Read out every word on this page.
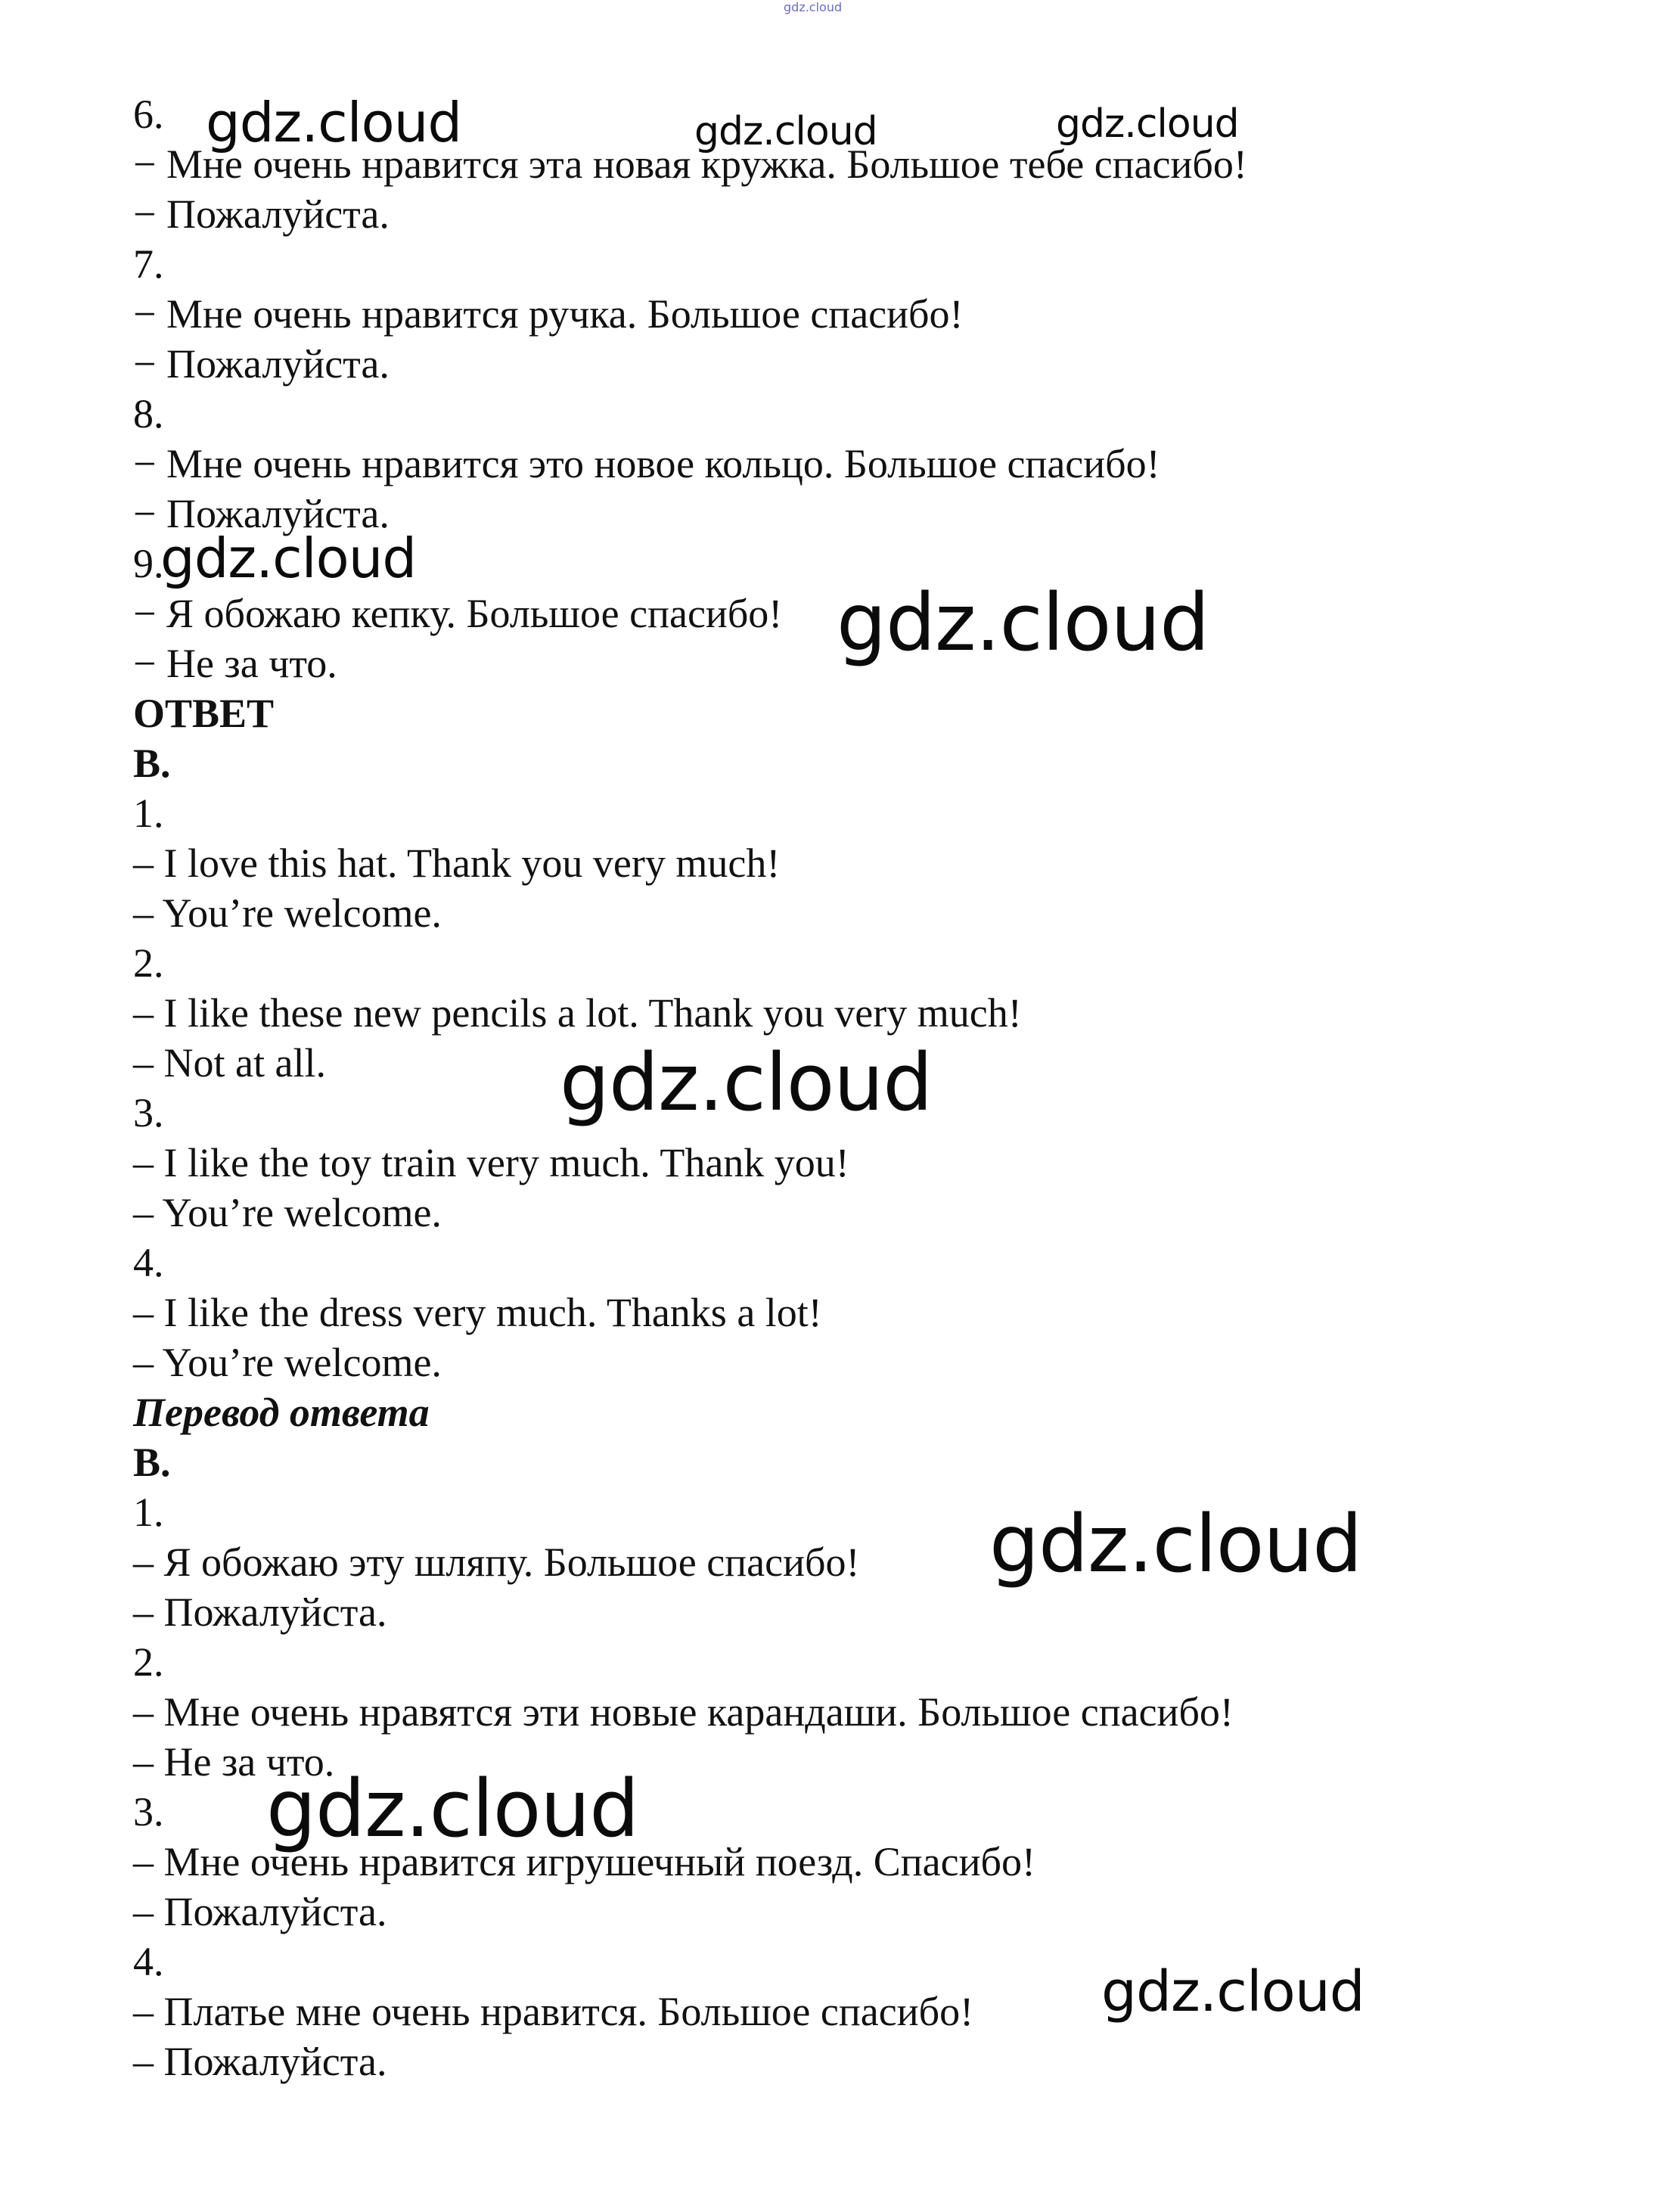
gdz.cloud
6.
− Мне очень нравится эта новая кружка. Большое тебе спасибо!
− Пожалуйста.
7.
− Мне очень нравится ручка. Большое спасибо!
− Пожалуйста.
8.
− Мне очень нравится это новое кольцо. Большое спасибо!
− Пожалуйста.
9.
− Я обожаю кепку. Большое спасибо!
− Не за что.
ОТВЕТ
B.
1.
– I love this hat. Thank you very much!
– You’re welcome.
2.
– I like these new pencils a lot. Thank you very much!
– Not at all.
3.
– I like the toy train very much. Thank you!
– You’re welcome.
4.
– I like the dress very much. Thanks a lot!
– You’re welcome.
Перевод ответа
B.
1.
– Я обожаю эту шляпу. Большое спасибо!
– Пожалуйста.
2.
– Мне очень нравятся эти новые карандаши. Большое спасибо!
– Не за что.
3.
– Мне очень нравится игрушечный поезд. Спасибо!
– Пожалуйста.
4.
– Платье мне очень нравится. Большое спасибо!
– Пожалуйста.
gdz.cloud	gdz.cloud	gdz.cloud
gdz.cloud
gdz.cloud
gdz.cloud
gdz.cloud
gdz.cloud
gdz.cloud
